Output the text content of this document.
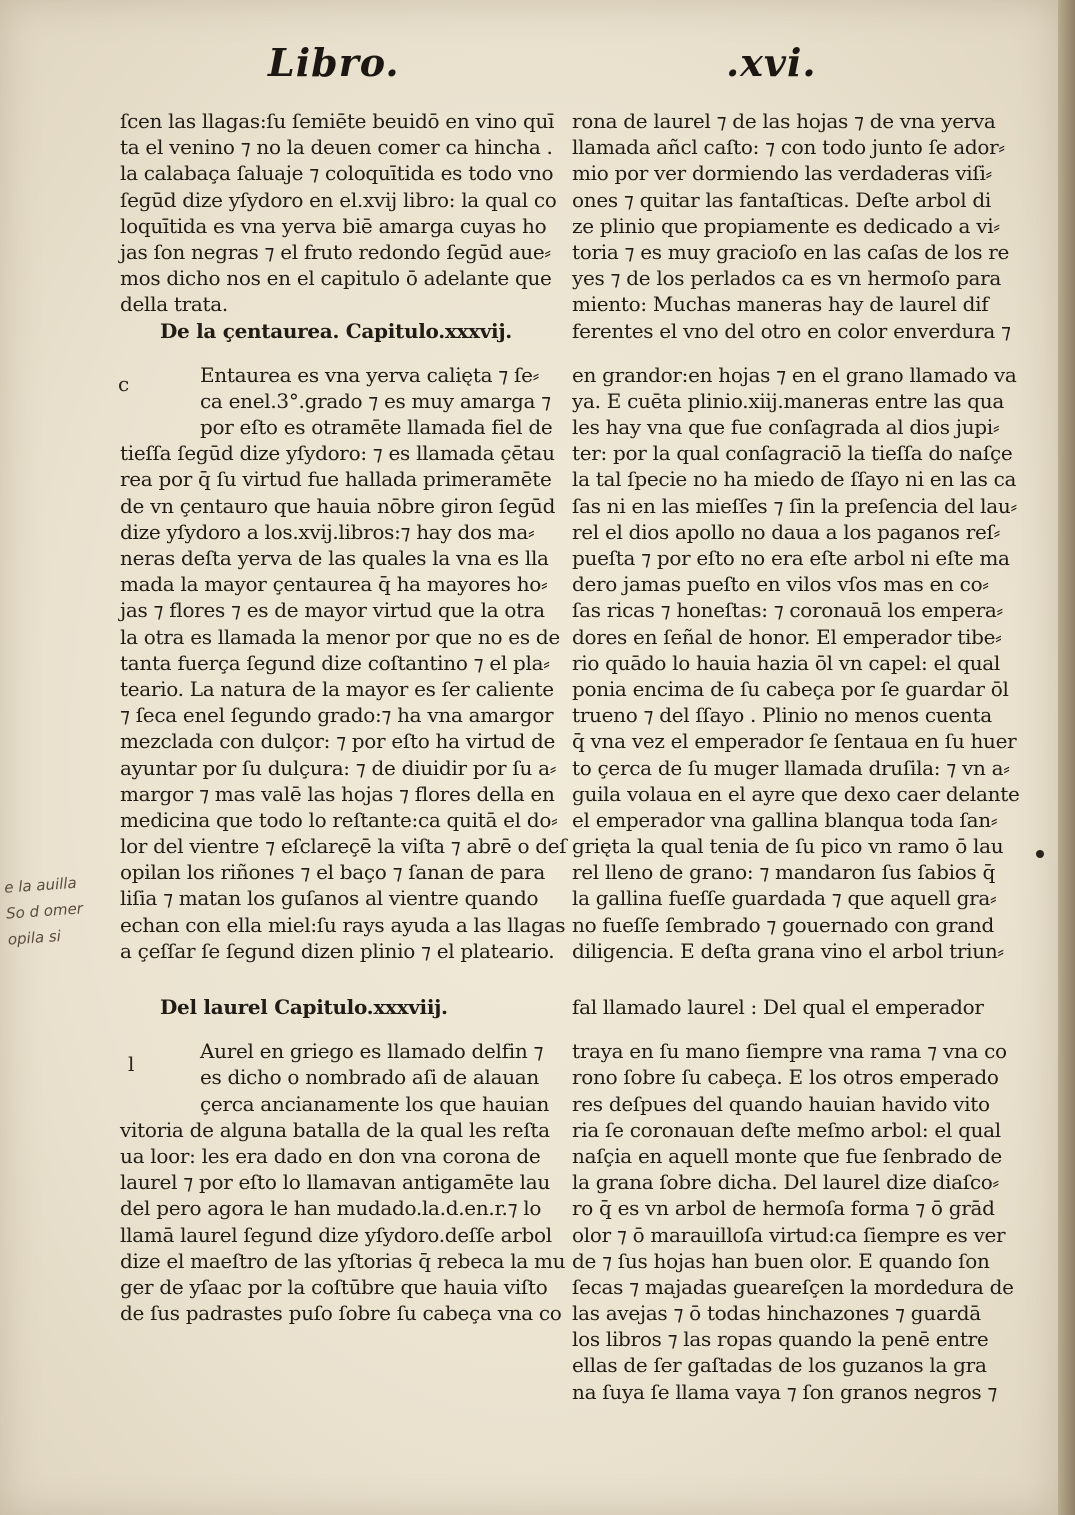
Libro.	.xvi.
ſcen las llagas:ſu ſemiēte beuidō en vino quī
ta el venino ⁊ no la deuen comer ca hincha .
la calabaça ſaluaje ⁊ coloquītida es todo vno
ſegūd dize yſydoro en el.xvij libro: la qual co
loquītida es vna yerva biē amarga cuyas ho
jas ſon negras ⁊ el fruto redondo ſegūd aue⸗
mos dicho nos en el capitulo ō adelante que
della trata.
De la çentaurea. Capitulo.xxxvij.
Entaurea es vna yerva calięta ⁊ ſe⸗
ca enel.3°.grado ⁊ es muy amarga ⁊
por eſto es otramēte llamada fiel de
tieſſa ſegūd dize yſydoro: ⁊ es llamada çētau
rea por q̄ ſu virtud fue hallada primeramēte
de vn çentauro que hauia nōbre giron ſegūd
dize yſydoro a los.xvij.libros:⁊ hay dos ma⸗
neras deſta yerva de las quales la vna es lla
mada la mayor çentaurea q̄ ha mayores ho⸗
jas ⁊ flores ⁊ es de mayor virtud que la otra
la otra es llamada la menor por que no es de
tanta fuerça ſegund dize coſtantino ⁊ el pla⸗
teario. La natura de la mayor es ſer caliente
⁊ ſeca enel ſegundo grado:⁊ ha vna amargor
mezclada con dulçor: ⁊ por eſto ha virtud de
ayuntar por ſu dulçura: ⁊ de diuidir por ſu a⸗
margor ⁊ mas valē las hojas ⁊ flores della en
medicina que todo lo reſtante:ca quitā el do⸗
lor del vientre ⁊ eſclareçē la viſta ⁊ abrē o deſ
opilan los riñones ⁊ el baço ⁊ ſanan de para
liſia ⁊ matan los guſanos al vientre quando
echan con ella miel:ſu rays ayuda a las llagas
a çeſſar ſe ſegund dizen plinio ⁊ el plateario.
Del laurel Capitulo.xxxviij.
Aurel en griego es llamado delfin ⁊
es dicho o nombrado aſi de alauan
çerca ancianamente los que hauian
vitoria de alguna batalla de la qual les reſta
ua loor: les era dado en don vna corona de
laurel ⁊ por eſto lo llamavan antigamēte lau
del pero agora le han mudado.la.d.en.r.⁊ lo
llamā laurel ſegund dize yſydoro.deſſe arbol
dize el maeſtro de las yſtorias q̄ rebeca la mu
ger de yſaac por la coſtūbre que hauia viſto
de ſus padrastes puſo ſobre ſu cabeça vna co
rona de laurel ⁊ de las hojas ⁊ de vna yerva
llamada añcl caſto: ⁊ con todo junto ſe ador⸗
mio por ver dormiendo las verdaderas viſi⸗
ones ⁊ quitar las fantaſticas. Deſte arbol di
ze plinio que propiamente es dedicado a vi⸗
toria ⁊ es muy gracioſo en las caſas de los re
yes ⁊ de los perlados ca es vn hermoſo para
miento: Muchas maneras hay de laurel dif
ferentes el vno del otro en color enverdura ⁊
en grandor:en hojas ⁊ en el grano llamado va
ya. E cuēta plinio.xiij.maneras entre las qua
les hay vna que fue conſagrada al dios jupi⸗
ter: por la qual conſagraciō la tieſſa do naſçe
la tal ſpecie no ha miedo de ſſayo ni en las ca
ſas ni en las mieſſes ⁊ ſin la preſencia del lau⸗
rel el dios apollo no daua a los paganos reſ⸗
pueſta ⁊ por eſto no era eſte arbol ni eſte ma
dero jamas pueſto en vilos vſos mas en co⸗
ſas ricas ⁊ honeſtas: ⁊ coronauā los empera⸗
dores en ſeñal de honor. El emperador tibe⸗
rio quādo lo hauia hazia ōl vn capel: el qual
ponia encima de ſu cabeça por ſe guardar ōl
trueno ⁊ del ſſayo . Plinio no menos cuenta
q̄ vna vez el emperador ſe ſentaua en ſu huer
to çerca de ſu muger llamada druſila: ⁊ vn a⸗
guila volaua en el ayre que dexo caer delante
el emperador vna gallina blanqua toda ſan⸗
grięta la qual tenia de ſu pico vn ramo ō lau
rel lleno de grano: ⁊ mandaron ſus ſabios q̄
la gallina fueſſe guardada ⁊ que aquell gra⸗
no fueſſe ſembrado ⁊ gouernado con grand
diligencia. E deſta grana vino el arbol triun⸗
fal llamado laurel : Del qual el emperador
traya en ſu mano ſiempre vna rama ⁊ vna co
rono ſobre ſu cabeça. E los otros emperado
res deſpues del quando hauian havido vito
ria ſe coronauan deſte meſmo arbol: el qual
naſçia en aquell monte que fue ſenbrado de
la grana ſobre dicha. Del laurel dize diaſco⸗
ro q̄ es vn arbol de hermoſa forma ⁊ ō grād
olor ⁊ ō marauilloſa virtud:ca ſiempre es ver
de ⁊ ſus hojas han buen olor. E quando ſon
ſecas ⁊ majadas gueareſçen la mordedura de
las avejas ⁊ ō todas hinchazones ⁊ guardā
los libros ⁊ las ropas quando la penē entre
ellas de ſer gaſtadas de los guzanos la gra
na ſuya ſe llama vaya ⁊ ſon granos negros ⁊
c
l
e la auilla
So d omer
opila si
